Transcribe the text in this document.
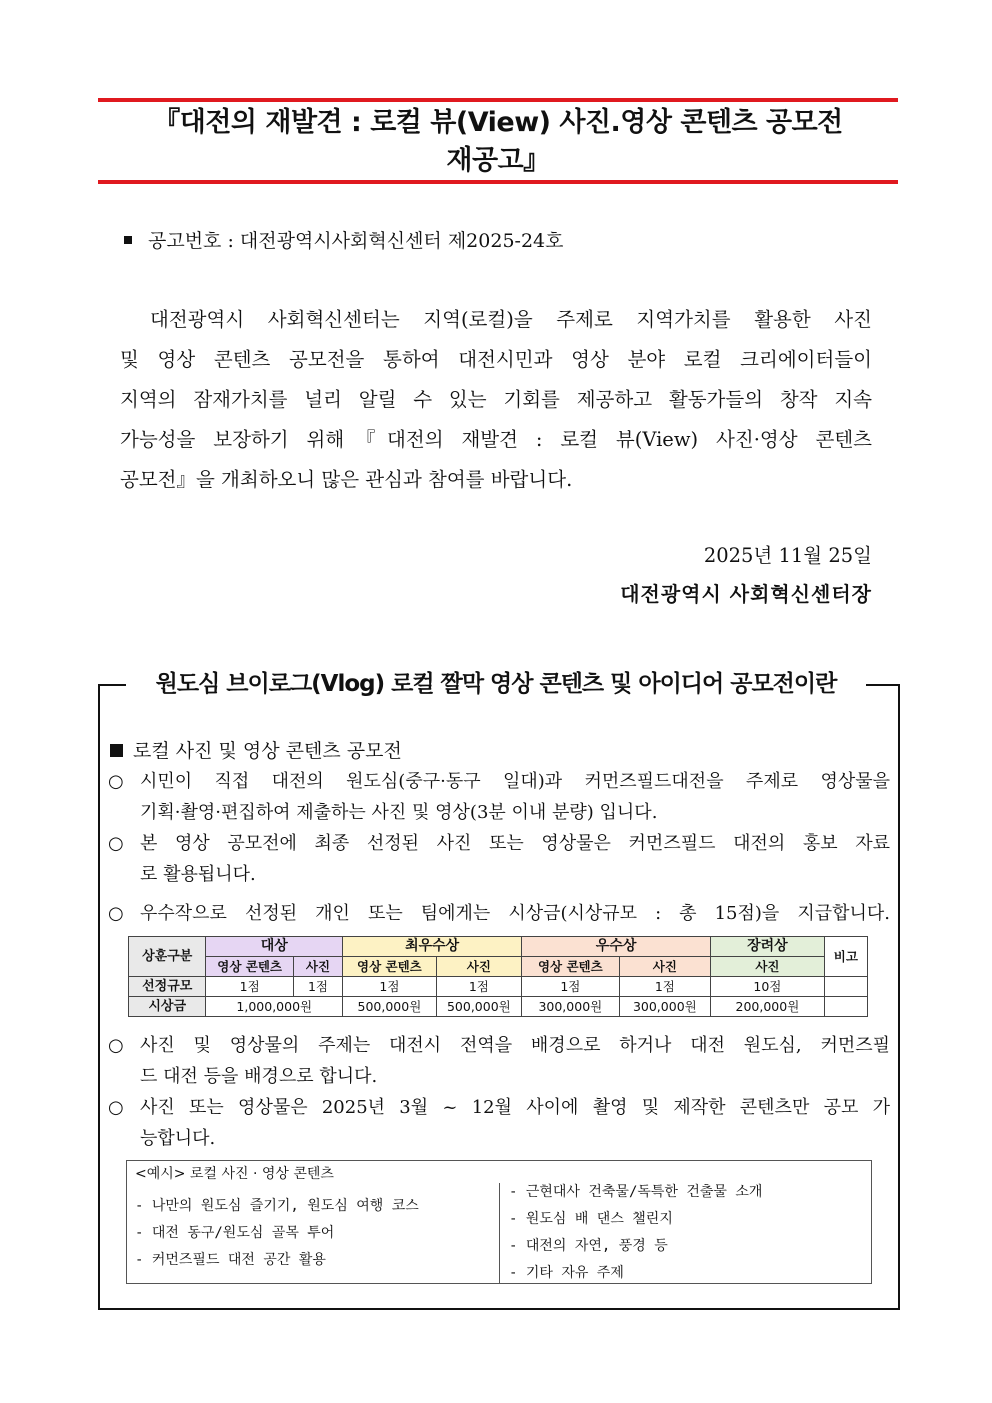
『대전의 재발견 : 로컬 뷰(View) 사진.영상 콘텐츠 공모전
재공고』
공고번호 : 대전광역시사회혁신센터 제2025-24호
대전광역시 사회혁신센터는 지역(로컬)을 주제로 지역가치를 활용한 사진
및 영상 콘텐츠 공모전을 통하여 대전시민과 영상 분야 로컬 크리에이터들이
지역의 잠재가치를 널리 알릴 수 있는 기회를 제공하고 활동가들의 창작 지속
가능성을 보장하기 위해『대전의 재발견 : 로컬 뷰(View) 사진·영상 콘텐츠
공모전』을 개최하오니 많은 관심과 참여를 바랍니다.
2025년 11월 25일
대전광역시 사회혁신센터장
원도심 브이로그(Vlog) 로컬 짤막 영상 콘텐츠 및 아이디어 공모전이란
로컬 사진 및 영상 콘텐츠 공모전
○ 시민이 직접 대전의 원도심(중구·동구 일대)과 커먼즈필드대전을 주제로 영상물을
기획·촬영·편집하여 제출하는 사진 및 영상(3분 이내 분량) 입니다.
○ 본 영상 공모전에 최종 선정된 사진 또는 영상물은 커먼즈필드 대전의 홍보 자료
로 활용됩니다.
○ 우수작으로 선정된 개인 또는 팀에게는 시상금(시상규모 : 총 15점)을 지급합니다.
상훈구분	대상		최우수상		우수상		장려상	비고
	영상 콘텐츠	사진	영상 콘텐츠	사진	영상 콘텐츠	사진	사진	
선정규모	1점	1점	1점	1점	1점	1점	10점	
시상금	1,000,000원		500,000원	500,000원	300,000원	300,000원	200,000원	
○ 사진 및 영상물의 주제는 대전시 전역을 배경으로 하거나 대전 원도심, 커먼즈필
드 대전 등을 배경으로 합니다.
○ 사진 또는 영상물은 2025년 3월 ~ 12월 사이에 촬영 및 제작한 콘텐츠만 공모 가
능합니다.
<예시> 로컬 사진 · 영상 콘텐츠
- 나만의 원도심 즐기기, 원도심 여행 코스
- 대전 동구/원도심 골목 투어
- 커먼즈필드 대전 공간 활용
- 근현대사 건축물/독특한 건출물 소개
- 원도심 배 댄스 챌린지
- 대전의 자연, 풍경 등
- 기타 자유 주제
